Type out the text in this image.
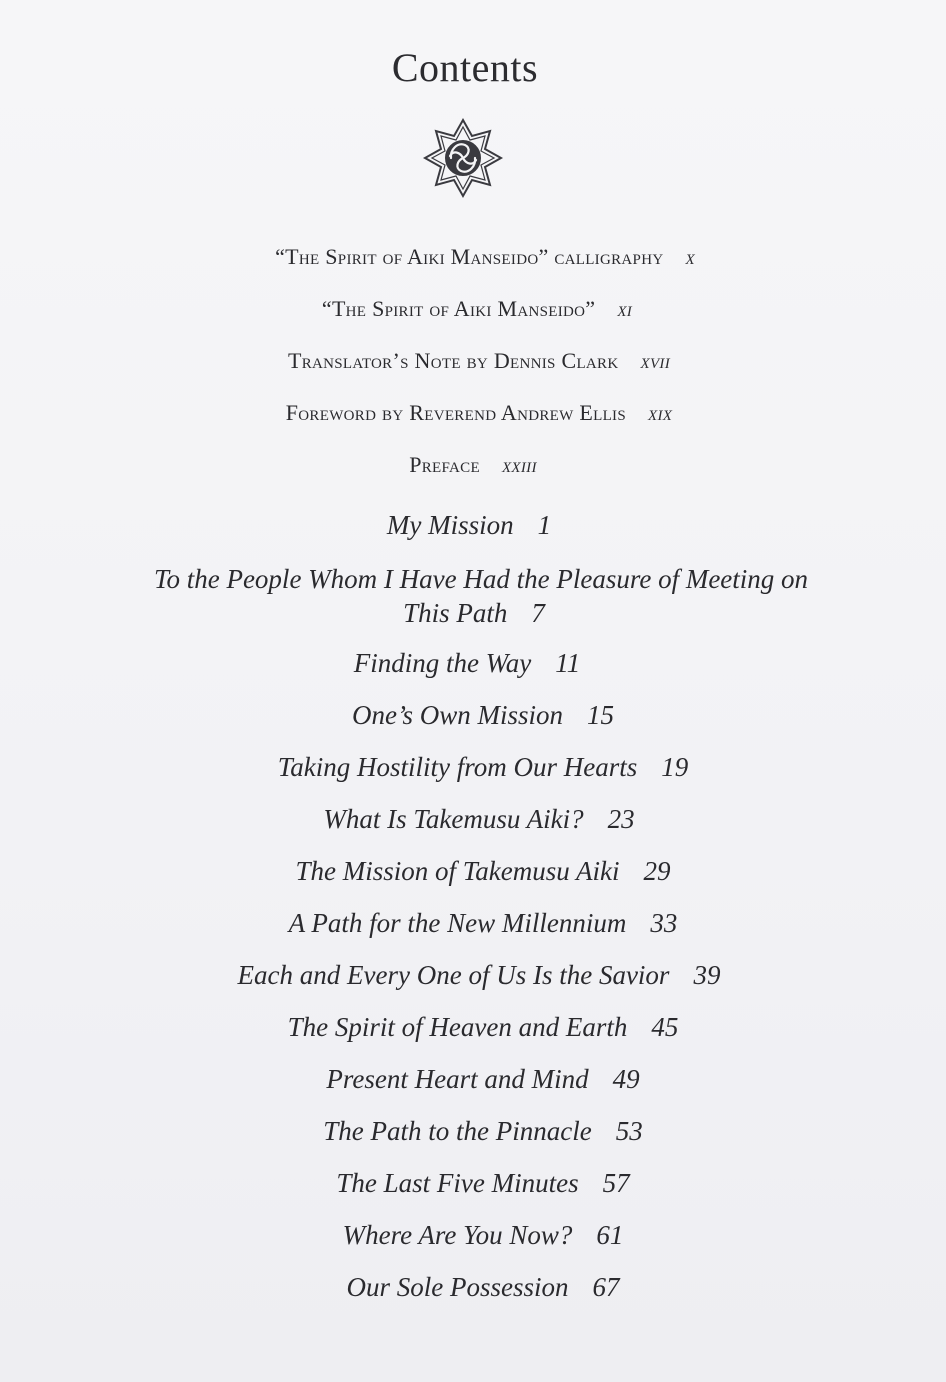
Contents
“The Spirit of Aiki Manseido” calligraphy x
“The Spirit of Aiki Manseido” xi
Translator’s Note by Dennis Clark xvii
Foreword by Reverend Andrew Ellis xix
Preface xxiii
My Mission 1
To the People Whom I Have Had the Pleasure of Meeting on
This Path 7
Finding the Way 11
One’s Own Mission 15
Taking Hostility from Our Hearts 19
What Is Takemusu Aiki? 23
The Mission of Takemusu Aiki 29
A Path for the New Millennium 33
Each and Every One of Us Is the Savior 39
The Spirit of Heaven and Earth 45
Present Heart and Mind 49
The Path to the Pinnacle 53
The Last Five Minutes 57
Where Are You Now? 61
Our Sole Possession 67
